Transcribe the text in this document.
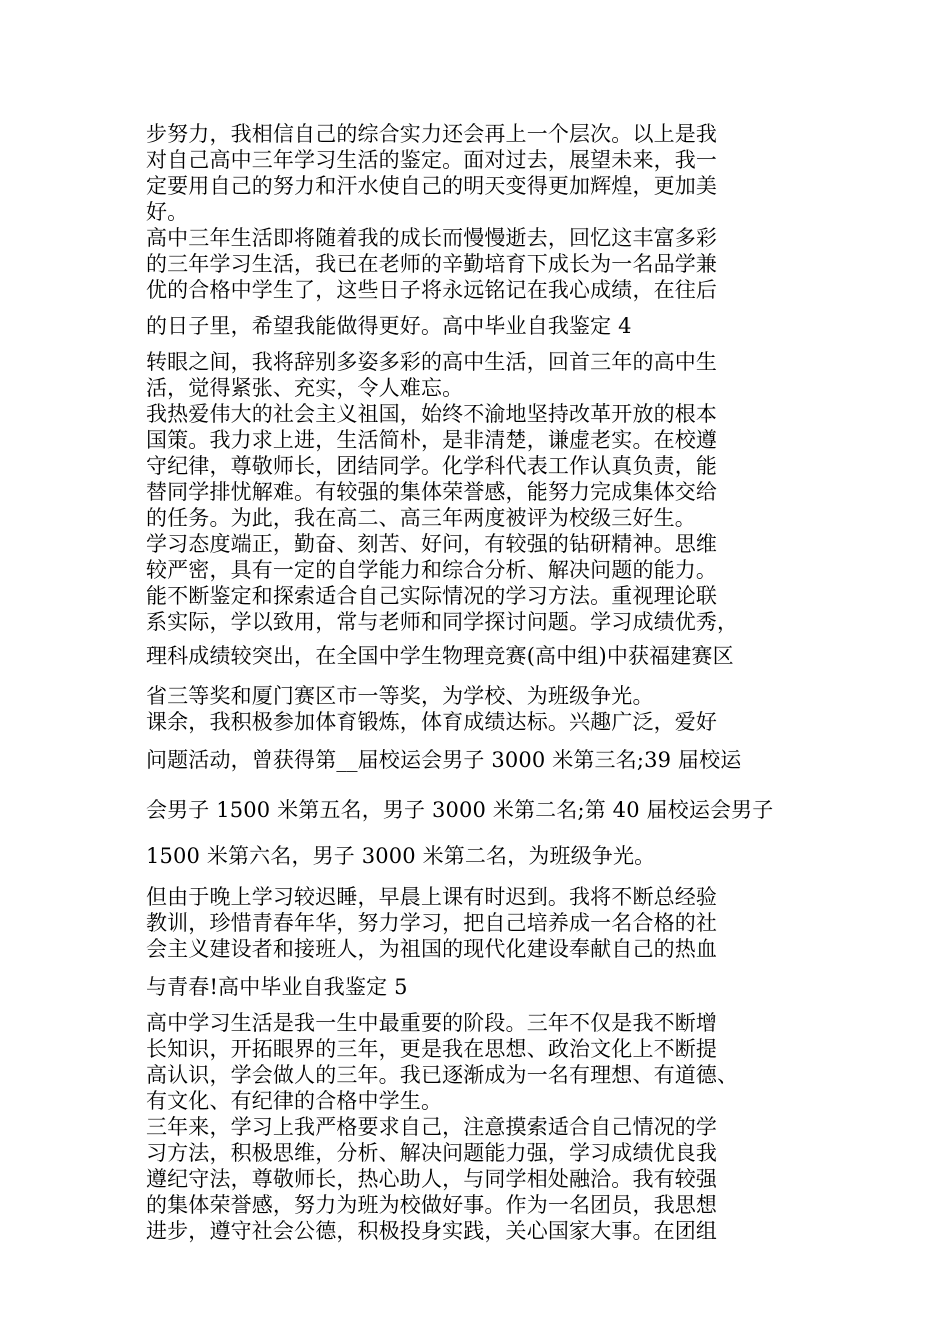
步努力，我相信自己的综合实力还会再上一个层次。以上是我

对自己高中三年学习生活的鉴定。面对过去，展望未来，我一

定要用自己的努力和汗水使自己的明天变得更加辉煌，更加美

好。

高中三年生活即将随着我的成长而慢慢逝去，回忆这丰富多彩

的三年学习生活，我已在老师的辛勤培育下成长为一名品学兼

优的合格中学生了，这些日子将永远铭记在我心成绩，在往后

的日子里，希望我能做得更好。高中毕业自我鉴定 4

转眼之间，我将辞别多姿多彩的高中生活，回首三年的高中生

活，觉得紧张、充实，令人难忘。

我热爱伟大的社会主义祖国，始终不渝地坚持改革开放的根本

国策。我力求上进，生活简朴，是非清楚，谦虚老实。在校遵

守纪律，尊敬师长，团结同学。化学科代表工作认真负责，能

替同学排忧解难。有较强的集体荣誉感，能努力完成集体交给

的任务。为此，我在高二、高三年两度被评为校级三好生。

学习态度端正，勤奋、刻苦、好问，有较强的钻研精神。思维

较严密，具有一定的自学能力和综合分析、解决问题的能力。

能不断鉴定和探索适合自己实际情况的学习方法。重视理论联

系实际，学以致用，常与老师和同学探讨问题。学习成绩优秀，

理科成绩较突出，在全国中学生物理竞赛(高中组)中获福建赛区

省三等奖和厦门赛区市一等奖，为学校、为班级争光。

课余，我积极参加体育锻炼，体育成绩达标。兴趣广泛，爱好

问题活动，曾获得第__届校运会男子 3000 米第三名;39 届校运

会男子 1500 米第五名，男子 3000 米第二名;第 40 届校运会男子

1500 米第六名，男子 3000 米第二名，为班级争光。

但由于晚上学习较迟睡，早晨上课有时迟到。我将不断总经验

教训，珍惜青春年华，努力学习，把自己培养成一名合格的社

会主义建设者和接班人，为祖国的现代化建设奉献自己的热血

与青春!高中毕业自我鉴定 5

高中学习生活是我一生中最重要的阶段。三年不仅是我不断增

长知识，开拓眼界的三年，更是我在思想、政治文化上不断提

高认识，学会做人的三年。我已逐渐成为一名有理想、有道德、

有文化、有纪律的合格中学生。

三年来，学习上我严格要求自己，注意摸索适合自己情况的学

习方法，积极思维，分析、解决问题能力强，学习成绩优良我

遵纪守法，尊敬师长，热心助人，与同学相处融洽。我有较强

的集体荣誉感，努力为班为校做好事。作为一名团员，我思想

进步，遵守社会公德，积极投身实践，关心国家大事。在团组
